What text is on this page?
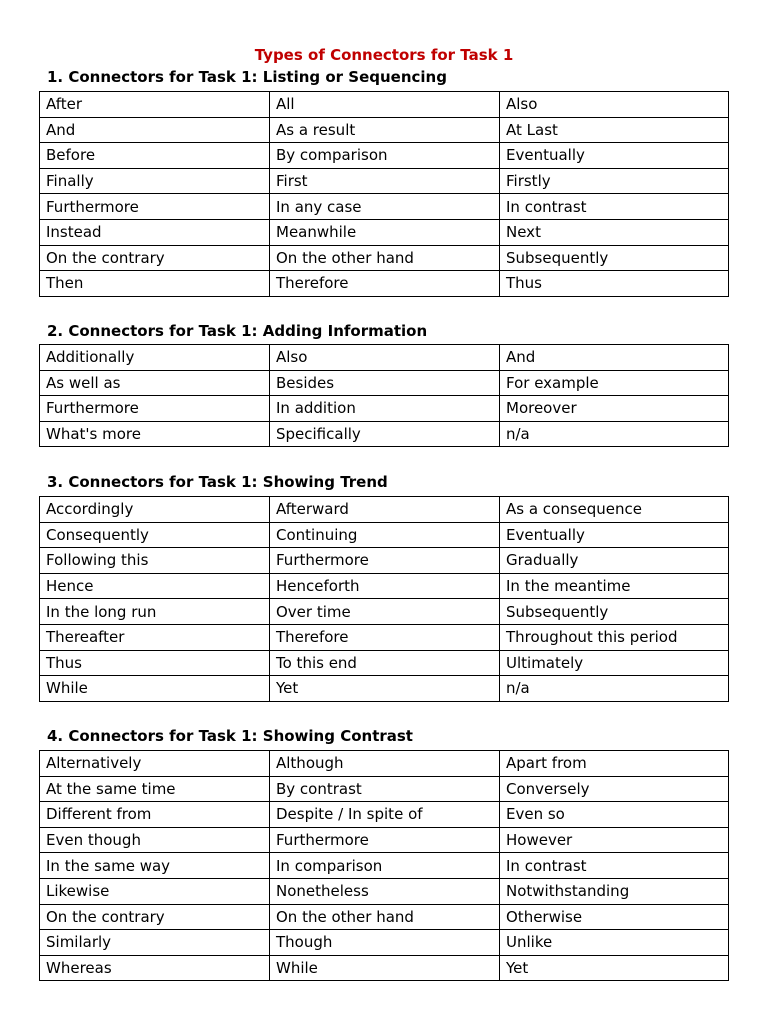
Types of Connectors for Task 1
1. Connectors for Task 1: Listing or Sequencing
After	All	Also
And	As a result	At Last
Before	By comparison	Eventually
Finally	First	Firstly
Furthermore	In any case	In contrast
Instead	Meanwhile	Next
On the contrary	On the other hand	Subsequently
Then	Therefore	Thus
2. Connectors for Task 1: Adding Information
Additionally	Also	And
As well as	Besides	For example
Furthermore	In addition	Moreover
What's more	Specifically	n/a
3. Connectors for Task 1: Showing Trend
Accordingly	Afterward	As a consequence
Consequently	Continuing	Eventually
Following this	Furthermore	Gradually
Hence	Henceforth	In the meantime
In the long run	Over time	Subsequently
Thereafter	Therefore	Throughout this period
Thus	To this end	Ultimately
While	Yet	n/a
4. Connectors for Task 1: Showing Contrast
Alternatively	Although	Apart from
At the same time	By contrast	Conversely
Different from	Despite / In spite of	Even so
Even though	Furthermore	However
In the same way	In comparison	In contrast
Likewise	Nonetheless	Notwithstanding
On the contrary	On the other hand	Otherwise
Similarly	Though	Unlike
Whereas	While	Yet
